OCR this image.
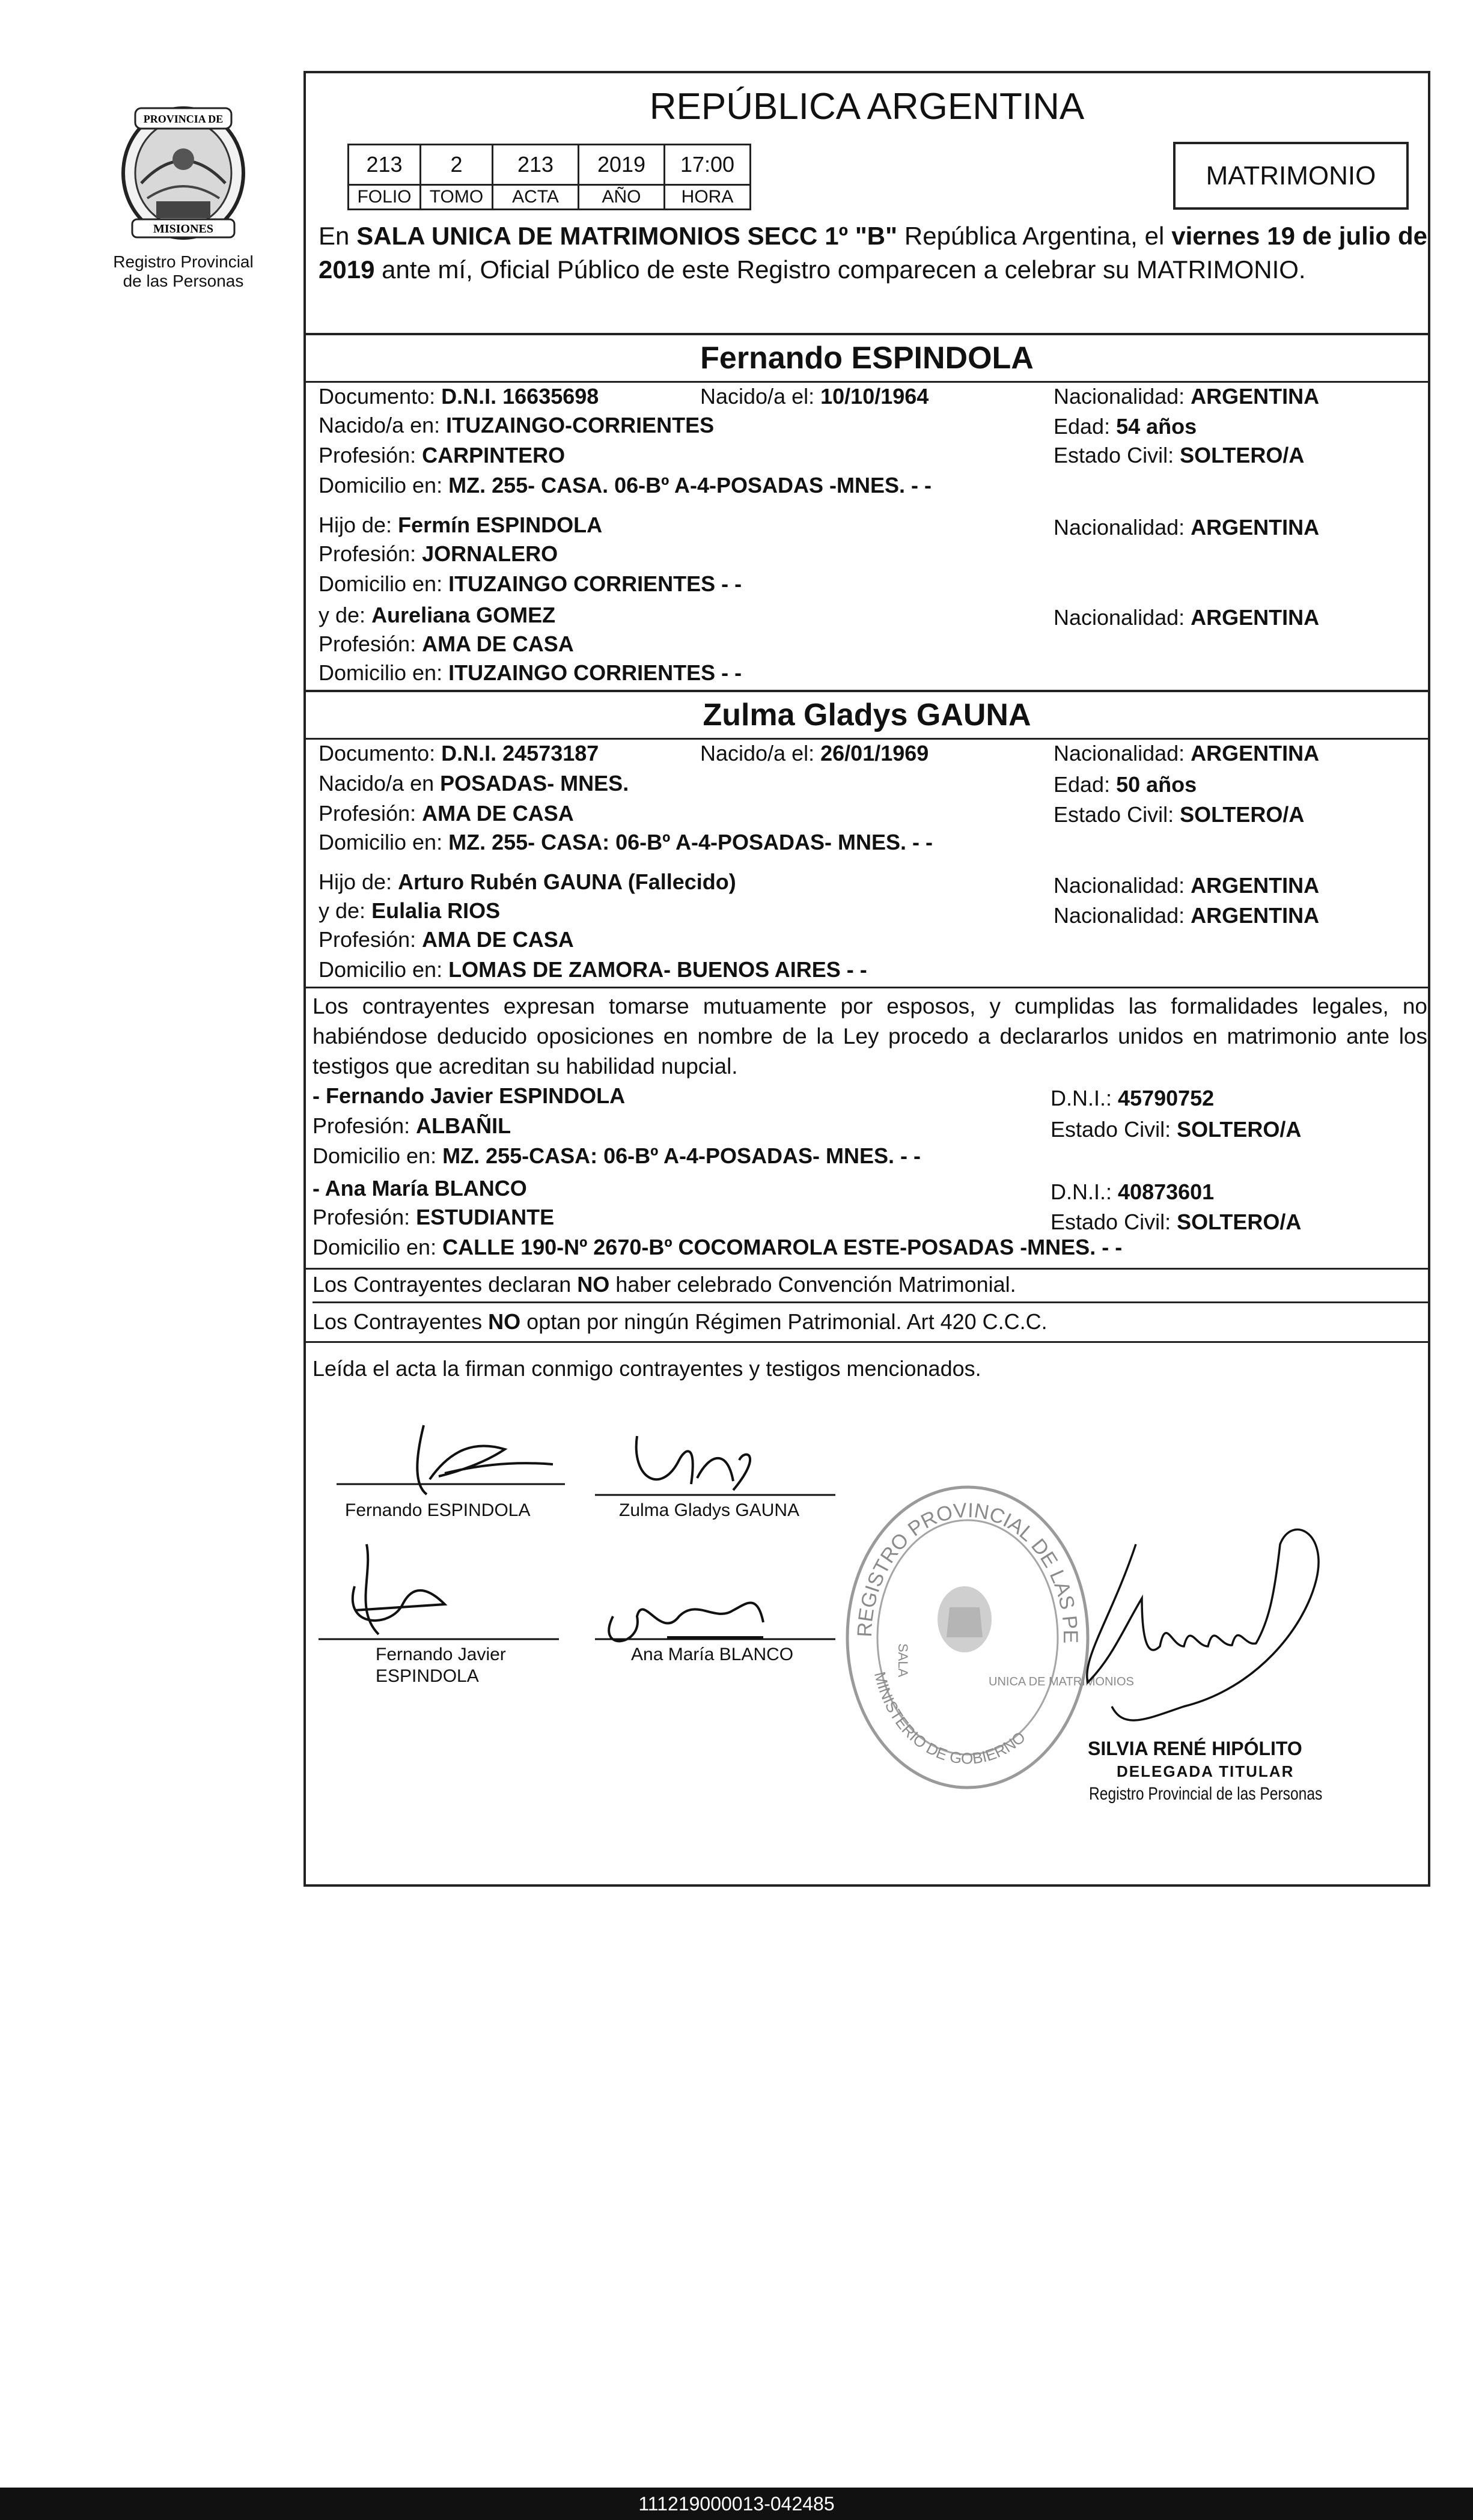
PROVINCIA DE
MISIONES
Registro Provincial
de las Personas
REPÚBLICA ARGENTINA
213	2	213	2019	17:00
FOLIO	TOMO	ACTA	AÑO	HORA
MATRIMONIO
En SALA UNICA DE MATRIMONIOS SECC 1º "B" República Argentina, el viernes 19 de julio de 2019 ante mí, Oficial Público de este Registro comparecen a celebrar su MATRIMONIO.
Fernando ESPINDOLA
Documento: D.N.I. 16635698	Nacido/a el: 10/10/1964	Nacionalidad: ARGENTINA
Nacido/a en: ITUZAINGO-CORRIENTES	Edad: 54 años
Profesión: CARPINTERO	Estado Civil: SOLTERO/A
Domicilio en: MZ. 255- CASA. 06-Bº A-4-POSADAS -MNES. - -
Hijo de: Fermín ESPINDOLA	Nacionalidad: ARGENTINA
Profesión: JORNALERO
Domicilio en: ITUZAINGO CORRIENTES - -
y de: Aureliana GOMEZ	Nacionalidad: ARGENTINA
Profesión: AMA DE CASA
Domicilio en: ITUZAINGO CORRIENTES - -
Zulma Gladys GAUNA
Documento: D.N.I. 24573187	Nacido/a el: 26/01/1969	Nacionalidad: ARGENTINA
Nacido/a en POSADAS- MNES.	Edad: 50 años
Profesión: AMA DE CASA	Estado Civil: SOLTERO/A
Domicilio en: MZ. 255- CASA: 06-Bº A-4-POSADAS- MNES. - -
Hijo de: Arturo Rubén GAUNA (Fallecido)	Nacionalidad: ARGENTINA
y de: Eulalia RIOS	Nacionalidad: ARGENTINA
Profesión: AMA DE CASA
Domicilio en: LOMAS DE ZAMORA- BUENOS AIRES - -
Los contrayentes expresan tomarse mutuamente por esposos, y cumplidas las formalidades legales, no habiéndose deducido oposiciones en nombre de la Ley procedo a declararlos unidos en matrimonio ante los testigos que acreditan su habilidad nupcial.
- Fernando Javier ESPINDOLA	D.N.I.: 45790752
Profesión: ALBAÑIL	Estado Civil: SOLTERO/A
Domicilio en: MZ. 255-CASA: 06-Bº A-4-POSADAS- MNES. - -
- Ana María BLANCO	D.N.I.: 40873601
Profesión: ESTUDIANTE	Estado Civil: SOLTERO/A
Domicilio en: CALLE 190-Nº 2670-Bº COCOMAROLA ESTE-POSADAS -MNES. - -
Los Contrayentes declaran NO haber celebrado Convención Matrimonial.
Los Contrayentes NO optan por ningún Régimen Patrimonial. Art 420 C.C.C.
Leída el acta la firman conmigo contrayentes y testigos mencionados.
Fernando ESPINDOLA	Zulma Gladys GAUNA
Fernando Javier
ESPINDOLA
Ana María BLANCO
REGISTRO PROVINCIAL DE LAS PERSONAS
MINISTERIO DE GOBIERNO
SALA
UNICA DE MATRIMONIOS
SILVIA RENÉ HIPÓLITO
DELEGADA TITULAR
Registro Provincial de las Personas
111219000013-042485
